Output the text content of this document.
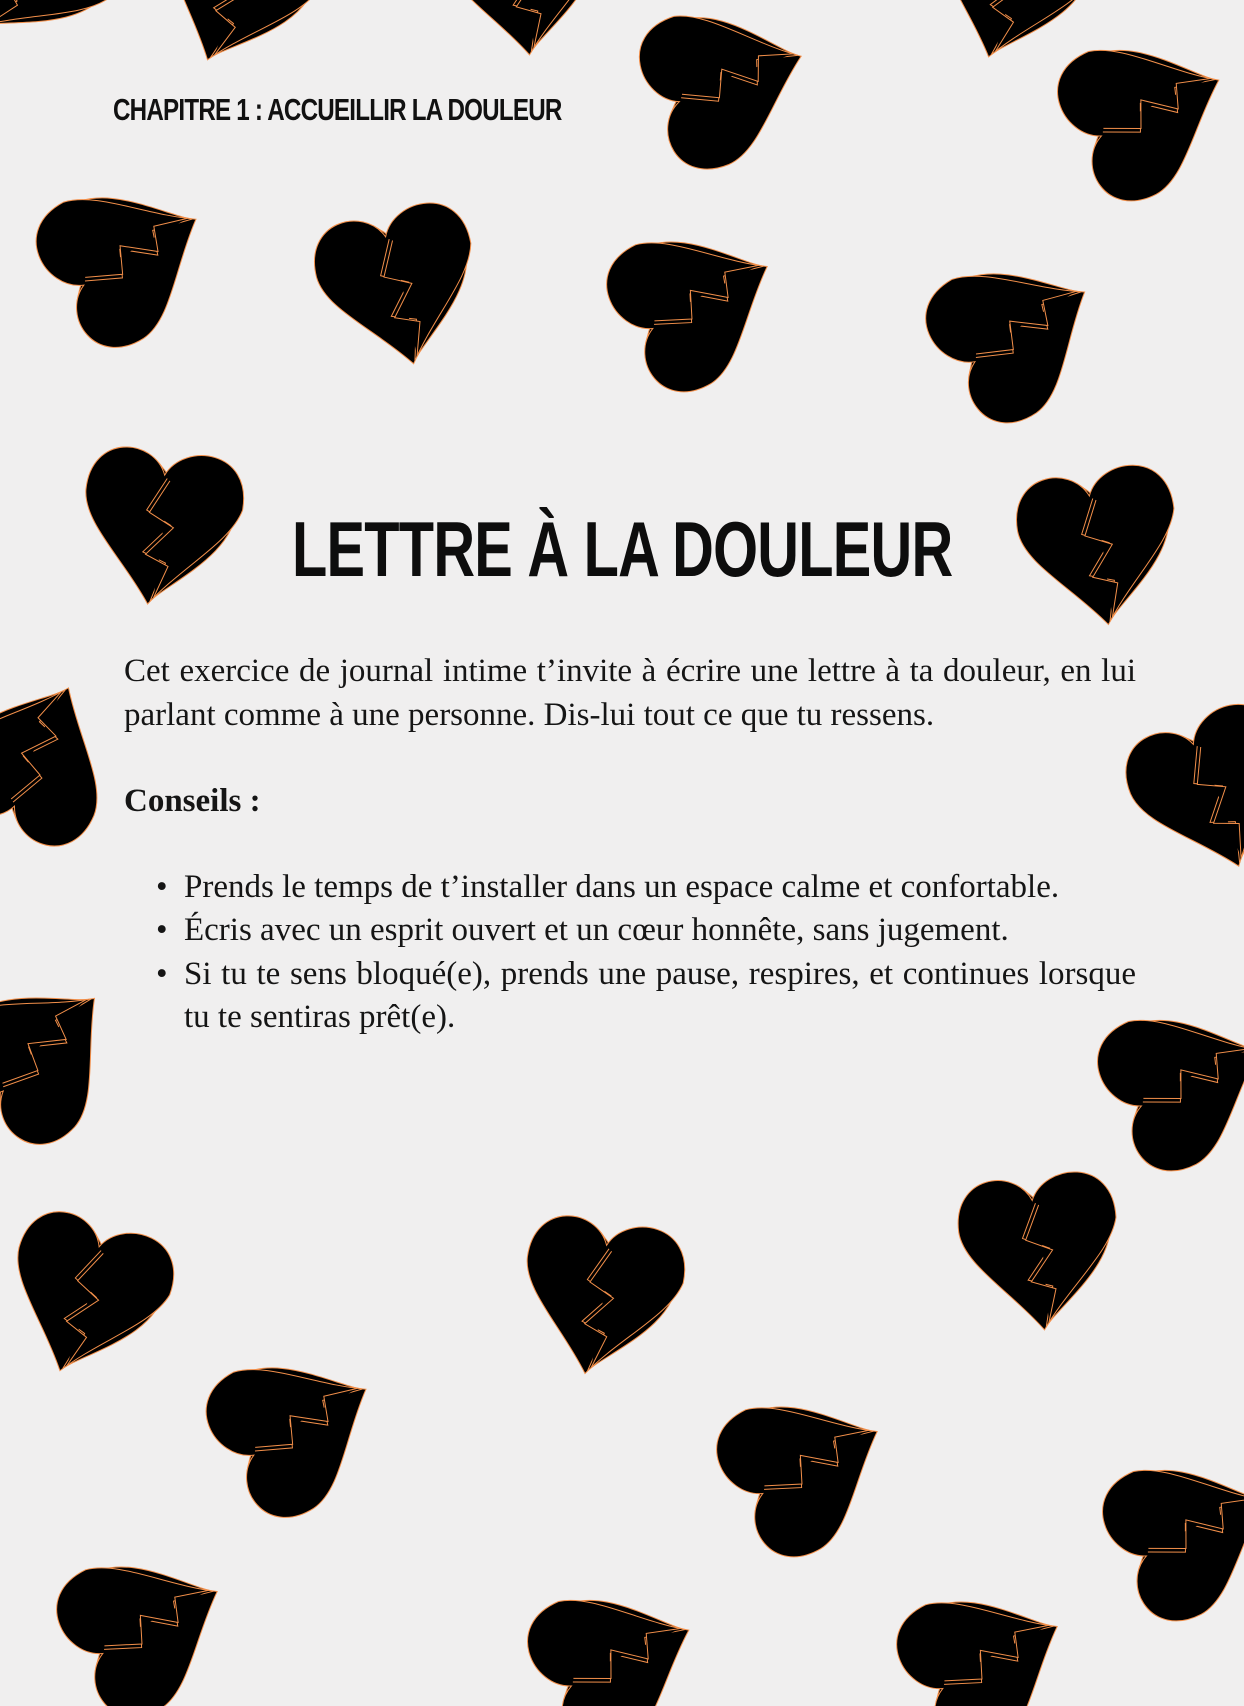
CHAPITRE 1 : ACCUEILLIR LA DOULEUR
LETTRE À LA DOULEUR

Cet exercice de journal intime t’invite à écrire une lettre à ta douleur, en lui parlant comme à une personne. Dis-lui tout ce que tu ressens.

Conseils :

• Prends le temps de t’installer dans un espace calme et confortable.
• Écris avec un esprit ouvert et un cœur honnête, sans jugement.
• Si tu te sens bloqué(e), prends une pause, respires, et continues lorsque tu te sentiras prêt(e).
